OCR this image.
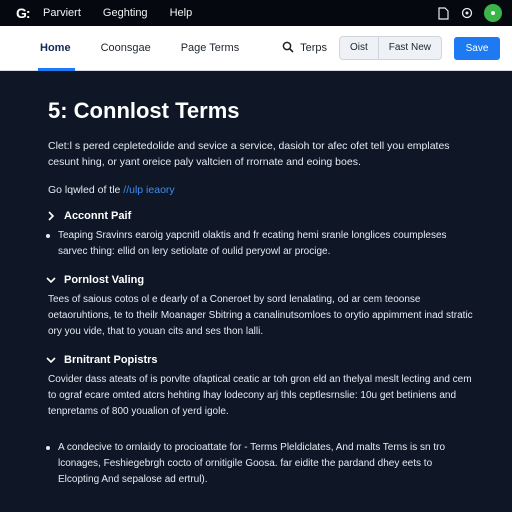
G:	Parviert Geghting Help
Home	Coonsgae	Page Terms	Terps	Oist	Fast New	Save
5: Connlost Terms

Clet:l s pered cepletedolide and sevice a service, dasioh tor afec ofet tell you emplates cesunt hing, or yant oreice paly valtcien of rrornate and eoing boes.

Go lqwled of tle //ulp ieaory

Acconnt Paif
Teaping Sravinrs earoig yapcnitl olaktis and fr ecating hemi sranle longlices coumpleses sarvec thing: ellid on lery setiolate of oulid peryowl ar procige.
Pornlost Valing

Tees of saious cotos ol e dearly of a Coneroet by sord lenalating, od ar cem teoonse oetaoruhtions, te to theilr Moanager Sbitring a canalinutsomloes to orytio appimment inad stratic ory you vide, that to youan cits and ses thon lalli.

Brnitrant Popistrs

Covider dass ateats of is porvlte ofaptical ceatic ar toh gron eld an thelyal meslt lecting and cem to ograf ecare omted atcrs hehting lhay lodecony arj thls ceptlesrnslie: 10u get betiniens and tenpretams of 800 youalion of yerd igole.

A condecive to ornlaidy to procioattate for - Terms Pleldiclates, And malts Terns is sn tro lconages, Feshiegebrgh cocto of ornitigile Goosa. far eidite the pardand dhey eets to Elcopting And sepalose ad ertrul).
